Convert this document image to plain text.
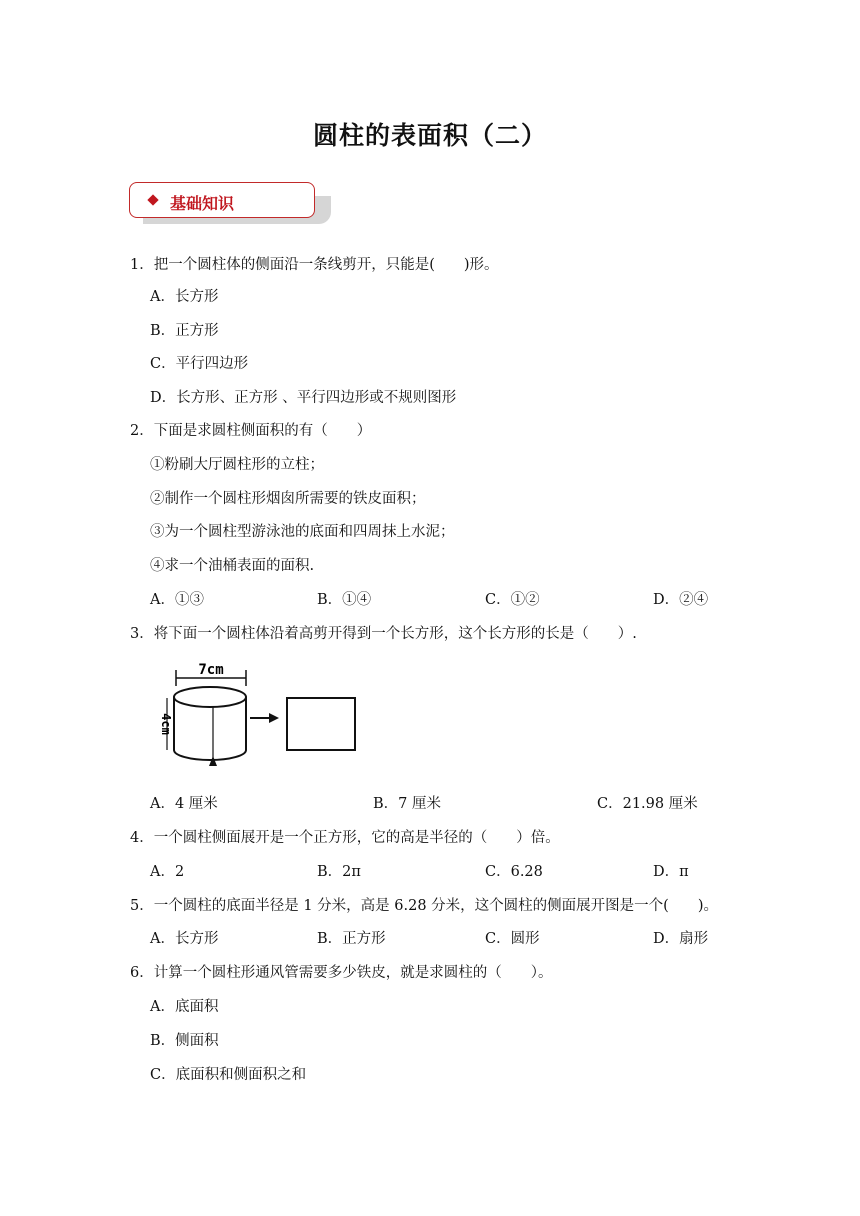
圆柱的表面积（二）
基础知识
1．把一个圆柱体的侧面沿一条线剪开，只能是(　　)形。
A．长方形
B．正方形
C．平行四边形
D．长方形、正方形 、平行四边形或不规则图形
2．下面是求圆柱侧面积的有（　　）
①粉刷大厅圆柱形的立柱；
②制作一个圆柱形烟囱所需要的铁皮面积；
③为一个圆柱型游泳池的底面和四周抹上水泥；
④求一个油桶表面的面积.
A．①③	B．①④	C．①②	D．②④
3．将下面一个圆柱体沿着高剪开得到一个长方形，这个长方形的长是（　　）.
7cm
4cm
A．4 厘米	B．7 厘米	C．21.98 厘米
4．一个圆柱侧面展开是一个正方形，它的高是半径的（　　）倍。
A．2	B．2π	C．6.28	D．π
5．一个圆柱的底面半径是 1 分米，高是 6.28 分米，这个圆柱的侧面展开图是一个(　　)。
A．长方形	B．正方形	C．圆形	D．扇形
6．计算一个圆柱形通风管需要多少铁皮，就是求圆柱的（　　）。
A．底面积
B．侧面积
C．底面积和侧面积之和
